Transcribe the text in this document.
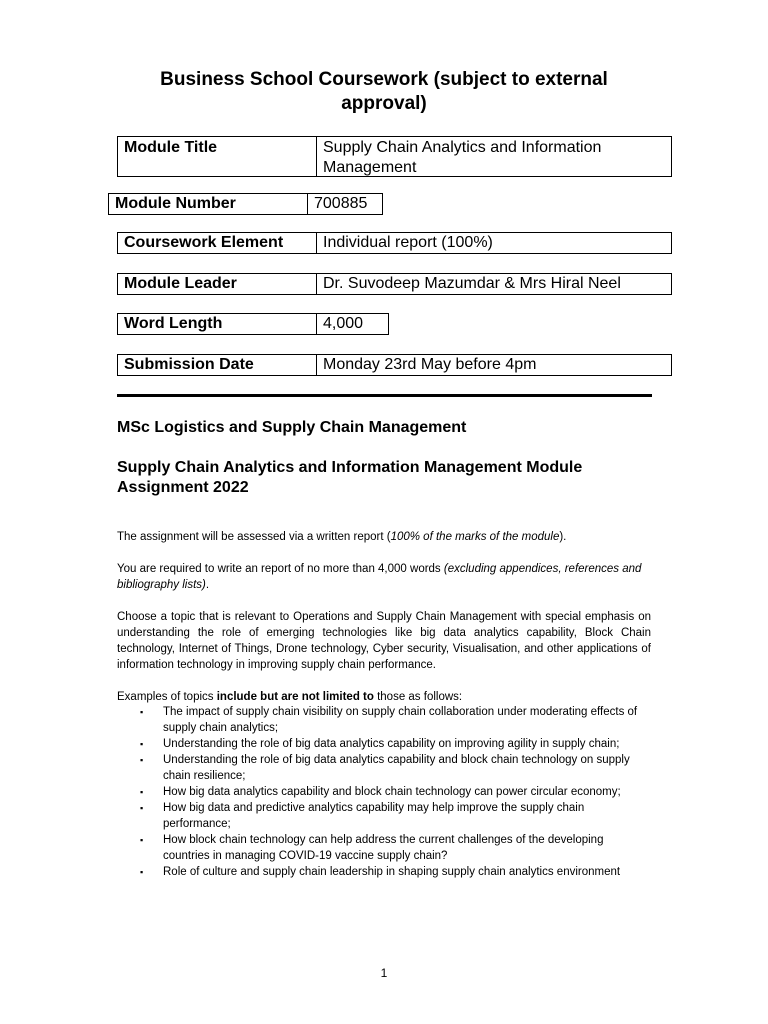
Business School Coursework (subject to external
approval)
Module Title	Supply Chain Analytics and Information
Management
Module Number	700885
Coursework Element	Individual report (100%)
Module Leader	Dr. Suvodeep Mazumdar & Mrs Hiral Neel
Word Length	4,000
Submission Date	Monday 23rd May before 4pm
MSc Logistics and Supply Chain Management
Supply Chain Analytics and Information Management Module
Assignment 2022
The assignment will be assessed via a written report (100% of the marks of the module).
You are required to write an report of no more than 4,000 words (excluding appendices, references and bibliography lists).
Choose a topic that is relevant to Operations and Supply Chain Management with special emphasis on understanding the role of emerging technologies like big data analytics capability, Block Chain technology, Internet of Things, Drone technology, Cyber security, Visualisation, and other applications of information technology in improving supply chain performance.
Examples of topics include but are not limited to those as follows:
▪ The impact of supply chain visibility on supply chain collaboration under moderating effects of supply chain analytics;
▪ Understanding the role of big data analytics capability on improving agility in supply chain;
▪ Understanding the role of big data analytics capability and block chain technology on supply chain resilience;
▪ How big data analytics capability and block chain technology can power circular economy;
▪ How big data and predictive analytics capability may help improve the supply chain performance;
▪ How block chain technology can help address the current challenges of the developing countries in managing COVID-19 vaccine supply chain?
▪ Role of culture and supply chain leadership in shaping supply chain analytics environment
1
